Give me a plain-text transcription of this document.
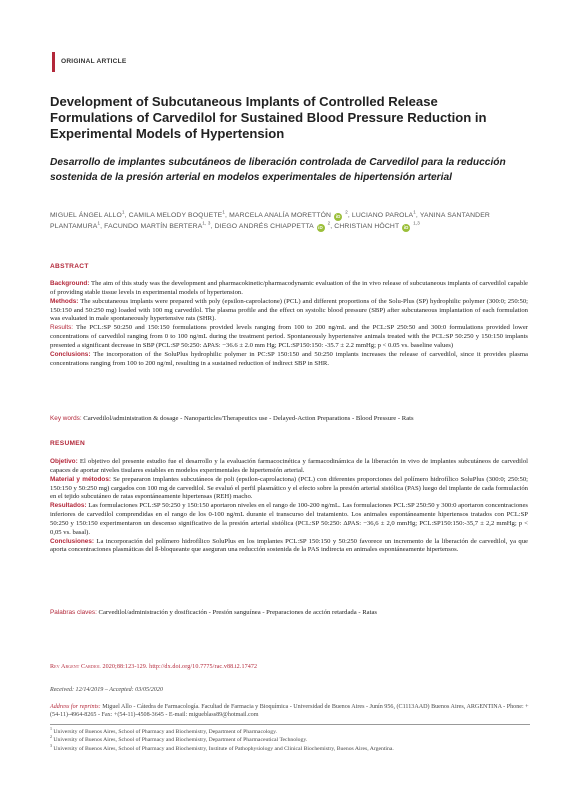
ORIGINAL ARTICLE
Development of Subcutaneous Implants of Controlled Release Formulations of Carvedilol for Sustained Blood Pressure Reduction in Experimental Models of Hypertension
Desarrollo de implantes subcutáneos de liberación controlada de Carvedilol para la reducción sostenida de la presión arterial en modelos experimentales de hipertensión arterial
MIGUEL ÁNGEL ALLO$^1$, CAMILA MELODY BOQUETE$^1$, MARCELA ANALÍA MORETTÓN iD $^2$, LUCIANO PAROLA$^1$, YANINA SANTANDER PLANTAMURA$^1$, FACUNDO MARTÍN BERTERA$^{1, 3}$, DIEGO ANDRÉS CHIAPPETTA iD $^2$, CHRISTIAN HÖCHT iD $^{1,3}$
ABSTRACT

Background: The aim of this study was the development and pharmacokinetic/pharmacodynamic evaluation of the in vivo release of subcutaneous implants of carvedilol capable of providing stable tissue levels in experimental models of hypertension.

Methods: The subcutaneous implants were prepared with poly (epsilon-caprolactone) (PCL) and different proportions of the Solu-Plus (SP) hydrophilic polymer (300:0; 250:50; 150:150 and 50:250 mg) loaded with 100 mg carvedilol. The plasma profile and the effect on systolic blood pressure (SBP) after subcutaneous implantation of each formulation was evaluated in male spontaneously hypertensive rats (SHR).

Results: The PCL:SP 50:250 and 150:150 formulations provided levels ranging from 100 to 200 ng/mL and the PCL:SP 250:50 and 300:0 formulations provided lower concentrations of carvedilol ranging from 0 to 100 ng/mL during the treatment period. Spontaneously hypertensive animals treated with the PCL:SP 50:250 y 150:150 implants presented a significant decrease in SBP (PCL:SP 50:250: ΔPAS: −36.6 ± 2.0 mm Hg; PCL:SP150:150: -35.7 ± 2.2 mmHg; p < 0.05 vs. baseline values)

Conclusions: The incorporation of the SoluPlus hydrophilic polymer in PC:SP 150:150 and 50:250 implants increases the release of carvedilol, since it provides plasma concentrations ranging from 100 to 200 ng/ml, resulting in a sustained reduction of indirect SBP in SHR.

Key words: Carvedilol/administration & dosage - Nanoparticles/Therapeutics use - Delayed-Action Preparations - Blood Pressure - Rats

RESUMEN

Objetivo: El objetivo del presente estudio fue el desarrollo y la evaluación farmacocinética y farmacodinámica de la liberación in vivo de implantes subcutáneos de carvedilol capaces de aportar niveles tisulares estables en modelos experimentales de hipertensión arterial.

Material y métodos: Se prepararon implantes subcutáneos de poli (epsilon-caprolactona) (PCL) con diferentes proporciones del polímero hidrofílico SoluPlus (300:0; 250:50; 150:150 y 50:250 mg) cargados con 100 mg de carvedilol. Se evaluó el perfil plasmático y el efecto sobre la presión arterial sistólica (PAS) luego del implante de cada formulación en el tejido subcutáneo de ratas espontáneamente hipertensas (REH) macho.

Resultados: Las formulaciones PCL:SP 50:250 y 150:150 aportaron niveles en el rango de 100-200 ng/mL. Las formulaciones PCL:SP 250:50 y 300:0 aportaron concentraciones inferiores de carvedilol comprendidas en el rango de los 0-100 ng/mL durante el transcurso del tratamiento. Los animales espontáneamente hipertensos tratados con PCL:SP 50:250 y 150:150 experimentaron un descenso significativo de la presión arterial sistólica (PCL:SP 50:250: ΔPAS: −36,6 ± 2,0 mmHg; PCL:SP150:150:-35,7 ± 2,2 mmHg; p < 0,05 vs. basal).

Conclusiones: La incorporación del polímero hidrofílico SoluPlus en los implantes PCL:SP 150:150 y 50:250 favorece un incremento de la liberación de carvedilol, ya que aporta concentraciones plasmáticas del ß-bloqueante que aseguran una reducción sostenida de la PAS indirecta en animales espontáneamente hipertensos.

Palabras claves: Carvedilol/administración y dosificación - Presión sanguínea - Preparaciones de acción retardada - Ratas

Rev Argent Cardiol 2020;88:123-129. http://dx.doi.org/10.7775/rac.v88.i2.17472
Received: 12/14/2019 – Accepted: 03/05/2020
Address for reprints: Miguel Allo - Cátedra de Farmacología. Facultad de Farmacia y Bioquímica - Universidad de Buenos Aires - Junín 956, (C1113AAD) Buenos Aires, ARGENTINA - Phone: +(54-11)-4964-8265 - Fax: +(54-11)-4508-3645 - E-mail: migueblass89@hotmail.com
$^1$ University of Buenos Aires, School of Pharmacy and Biochemistry, Department of Pharmacology.
$^2$ University of Buenos Aires, School of Pharmacy and Biochemistry, Department of Pharmaceutical Technology.
$^3$ University of Buenos Aires, School of Pharmacy and Biochemistry, Institute of Pathophysiology and Clinical Biochemistry, Buenos Aires, Argentina.
